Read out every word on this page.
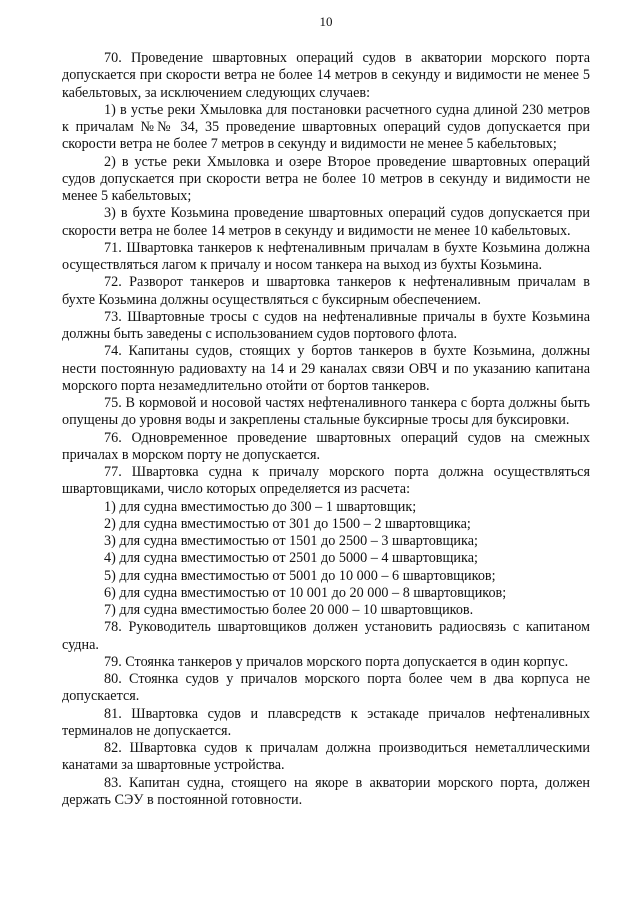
10

70. Проведение швартовных операций судов в акватории морского порта допускается при скорости ветра не более 14 метров в секунду и видимости не менее 5 кабельтовых, за исключением следующих случаев:

1) в устье реки Хмыловка для постановки расчетного судна длиной 230 метров к причалам №№ 34, 35 проведение швартовных операций судов допускается при скорости ветра не более 7 метров в секунду и видимости не менее 5 кабельтовых;

2) в устье реки Хмыловка и озере Второе проведение швартовных операций судов допускается при скорости ветра не более 10 метров в секунду и видимости не менее 5 кабельтовых;

3) в бухте Козьмина проведение швартовных операций судов допускается при скорости ветра не более 14 метров в секунду и видимости не менее 10 кабельтовых.

71. Швартовка танкеров к нефтеналивным причалам в бухте Козьмина должна осуществляться лагом к причалу и носом танкера на выход из бухты Козьмина.

72. Разворот танкеров и швартовка танкеров к нефтеналивным причалам в бухте Козьмина должны осуществляться с буксирным обеспечением.

73. Швартовные тросы с судов на нефтеналивные причалы в бухте Козьмина должны быть заведены с использованием судов портового флота.

74. Капитаны судов, стоящих у бортов танкеров в бухте Козьмина, должны нести постоянную радиовахту на 14 и 29 каналах связи ОВЧ и по указанию капитана морского порта незамедлительно отойти от бортов танкеров.

75. В кормовой и носовой частях нефтеналивного танкера с борта должны быть опущены до уровня воды и закреплены стальные буксирные тросы для буксировки.

76. Одновременное проведение швартовных операций судов на смежных причалах в морском порту не допускается.

77. Швартовка судна к причалу морского порта должна осуществляться швартовщиками, число которых определяется из расчета:

1) для судна вместимостью до 300 – 1 швартовщик;

2) для судна вместимостью от 301 до 1500 – 2 швартовщика;

3) для судна вместимостью от 1501 до 2500 – 3 швартовщика;

4) для судна вместимостью от 2501 до 5000 – 4 швартовщика;

5) для судна вместимостью от 5001 до 10 000 – 6 швартовщиков;

6) для судна вместимостью от 10 001 до 20 000 – 8 швартовщиков;

7) для судна вместимостью более 20 000 – 10 швартовщиков.

78. Руководитель швартовщиков должен установить радиосвязь с капитаном судна.

79. Стоянка танкеров у причалов морского порта допускается в один корпус.

80. Стоянка судов у причалов морского порта более чем в два корпуса не допускается.

81. Швартовка судов и плавсредств к эстакаде причалов нефтеналивных терминалов не допускается.

82. Швартовка судов к причалам должна производиться неметаллическими канатами за швартовные устройства.

83. Капитан судна, стоящего на якоре в акватории морского порта, должен держать СЭУ в постоянной готовности.
